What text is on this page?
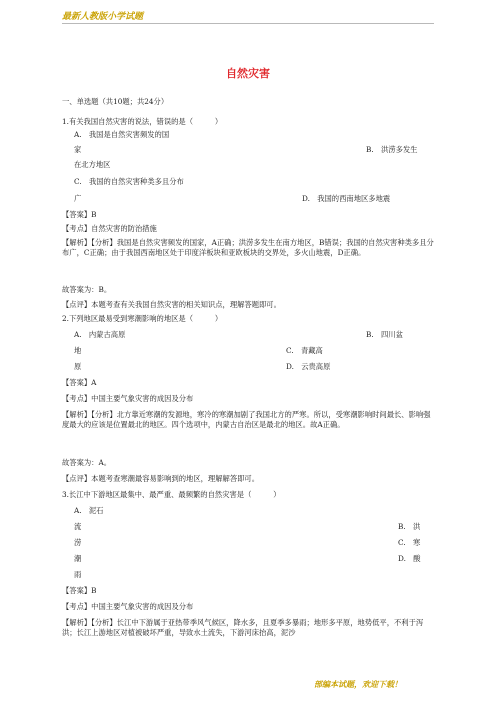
最新人教版小学试题
自然灾害
一、单选题（共10题；共24分）
1.有关我国自然灾害的说法，错误的是（　　　）
A.　我国是自然灾害频发的国
家	B.　洪涝多发生
在北方地区
C.　我国的自然灾害种类多且分布
广	D.　我国的西南地区多地震
【答案】B
【考点】自然灾害的防治措施
【解析】【分析】我国是自然灾害频发的国家，A正确；洪涝多发生在南方地区，B错误；我国的自然灾害种类多且分布广，C正确；由于我国西南地区处于印度洋板块和亚欧板块的交界处，多火山地震，D正确。
故答案为：B。
【点评】本题考查有关我国自然灾害的相关知识点，理解答题即可。
2.下列地区最易受到寒潮影响的地区是（　　　）
A.　内蒙古高原	B.　四川盆
地	C.　青藏高
原	D.　云贵高原
【答案】A
【考点】中国主要气象灾害的成因及分布
【解析】【分析】北方靠近寒潮的发源地，寒冷的寒潮加剧了我国北方的严寒。所以，受寒潮影响时间最长、影响强度最大的应该是位置最北的地区。四个选项中，内蒙古自治区是最北的地区。故A正确。
故答案为：A。
【点评】本题考查寒潮最容易影响到的地区，理解解答即可。
3.长江中下游地区最集中、最严重、最频繁的自然灾害是（　　　）
A.　泥石
流	B.　洪
涝	C.　寒
潮	D.　酸
雨
【答案】B
【考点】中国主要气象灾害的成因及分布
【解析】【分析】长江中下游属于亚热带季风气候区，降水多，且夏季多暴雨；地形多平原，地势低平，不利于泻洪；长江上游地区对植被破坏严重，导致水土流失，下游河床抬高，泥沙
部编本试题，欢迎下载！
